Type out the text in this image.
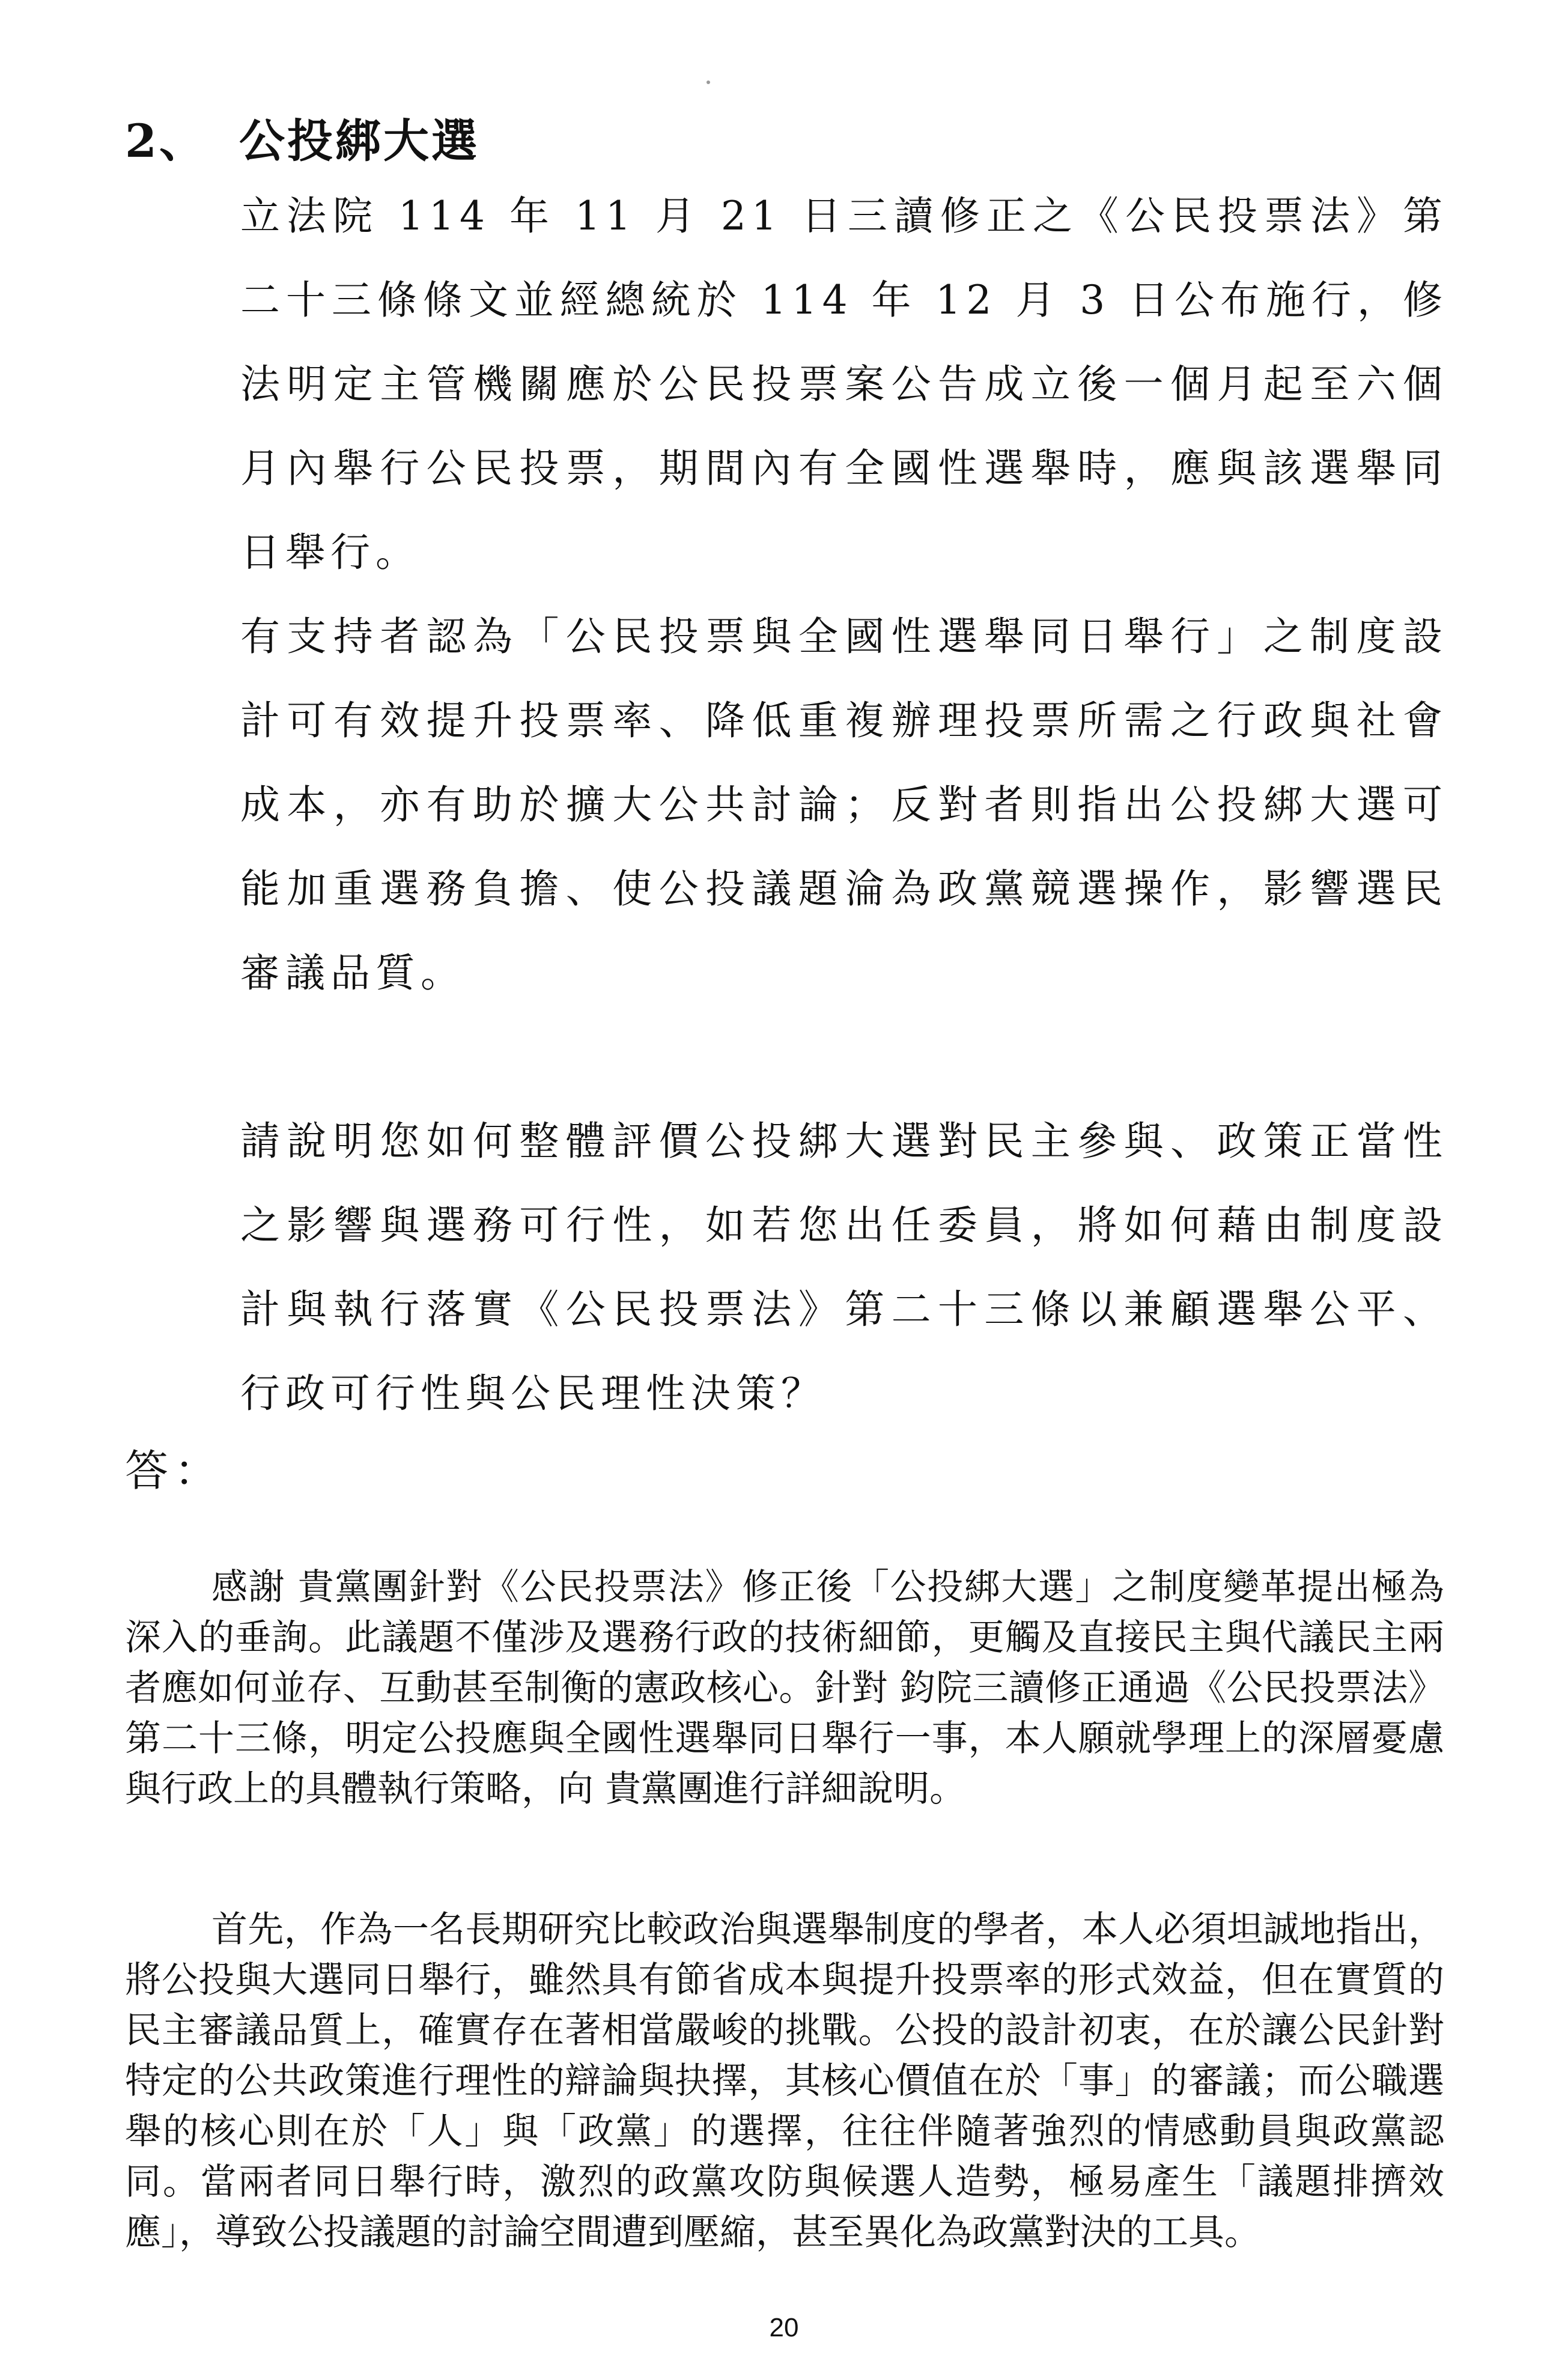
2、 公投綁大選

立法院 114 年 11 月 21 日三讀修正之《公民投票法》第二十三條條文並經總統於 114 年 12 月 3 日公布施行，修法明定主管機關應於公民投票案公告成立後一個月起至六個月內舉行公民投票，期間內有全國性選舉時，應與該選舉同日舉行。

有支持者認為「公民投票與全國性選舉同日舉行」之制度設計可有效提升投票率、降低重複辦理投票所需之行政與社會成本，亦有助於擴大公共討論；反對者則指出公投綁大選可能加重選務負擔、使公投議題淪為政黨競選操作，影響選民審議品質。

請說明您如何整體評價公投綁大選對民主參與、政策正當性之影響與選務可行性，如若您出任委員，將如何藉由制度設計與執行落實《公民投票法》第二十三條以兼顧選舉公平、行政可行性與公民理性決策？

答：

感謝 貴黨團針對《公民投票法》修正後「公投綁大選」之制度變革提出極為深入的垂詢。此議題不僅涉及選務行政的技術細節，更觸及直接民主與代議民主兩者應如何並存、互動甚至制衡的憲政核心。針對 鈞院三讀修正通過《公民投票法》第二十三條，明定公投應與全國性選舉同日舉行一事，本人願就學理上的深層憂慮與行政上的具體執行策略，向 貴黨團進行詳細說明。

首先，作為一名長期研究比較政治與選舉制度的學者，本人必須坦誠地指出，將公投與大選同日舉行，雖然具有節省成本與提升投票率的形式效益，但在實質的民主審議品質上，確實存在著相當嚴峻的挑戰。公投的設計初衷，在於讓公民針對特定的公共政策進行理性的辯論與抉擇，其核心價值在於「事」的審議；而公職選舉的核心則在於「人」與「政黨」的選擇，往往伴隨著強烈的情感動員與政黨認同。當兩者同日舉行時，激烈的政黨攻防與候選人造勢，極易產生「議題排擠效應」，導致公投議題的討論空間遭到壓縮，甚至異化為政黨對決的工具。

20
